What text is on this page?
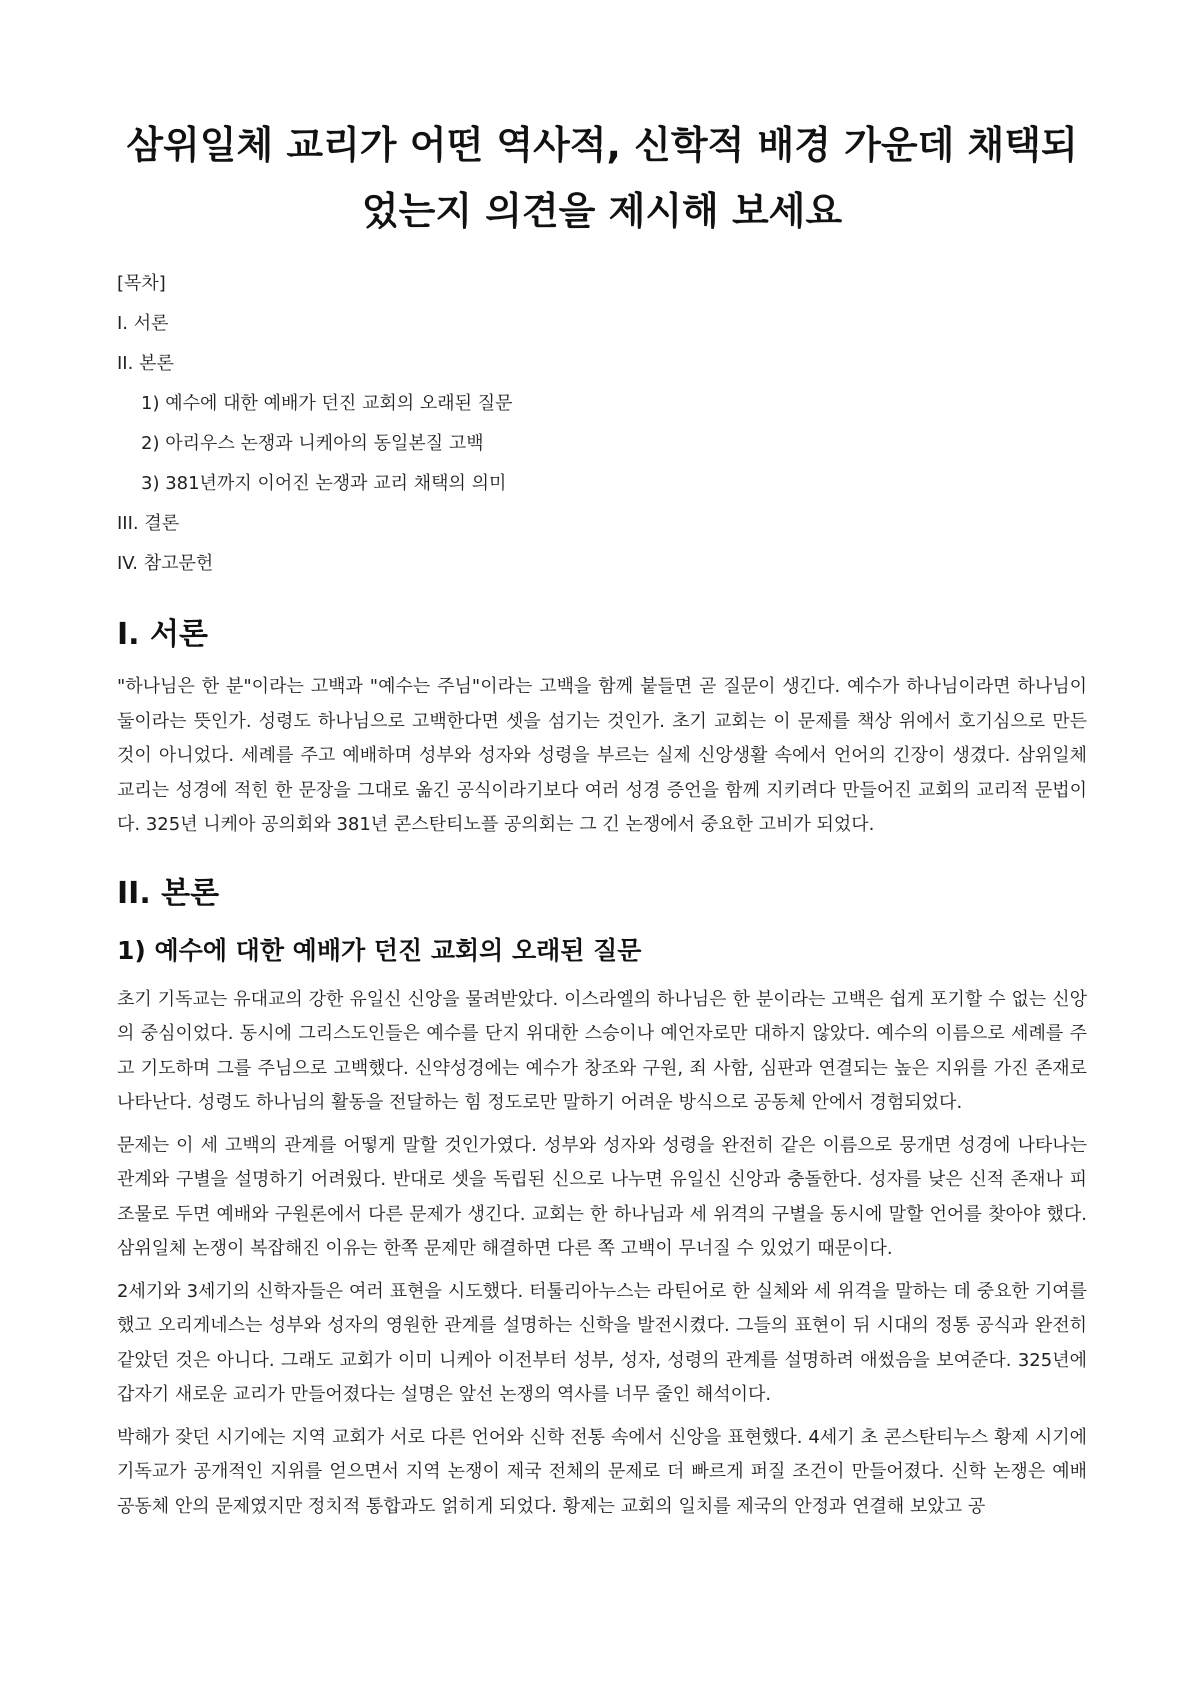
삼위일체 교리가 어떤 역사적, 신학적 배경 가운데 채택되었는지 의견을 제시해 보세요
[목차]
I. 서론
II. 본론
1) 예수에 대한 예배가 던진 교회의 오래된 질문
2) 아리우스 논쟁과 니케아의 동일본질 고백
3) 381년까지 이어진 논쟁과 교리 채택의 의미
III. 결론
IV. 참고문헌
I. 서론

"하나님은 한 분"이라는 고백과 "예수는 주님"이라는 고백을 함께 붙들면 곧 질문이 생긴다. 예수가 하나님이라면 하나님이 둘이라는 뜻인가. 성령도 하나님으로 고백한다면 셋을 섬기는 것인가. 초기 교회는 이 문제를 책상 위에서 호기심으로 만든 것이 아니었다. 세례를 주고 예배하며 성부와 성자와 성령을 부르는 실제 신앙생활 속에서 언어의 긴장이 생겼다. 삼위일체 교리는 성경에 적힌 한 문장을 그대로 옮긴 공식이라기보다 여러 성경 증언을 함께 지키려다 만들어진 교회의 교리적 문법이다. 325년 니케아 공의회와 381년 콘스탄티노플 공의회는 그 긴 논쟁에서 중요한 고비가 되었다.

II. 본론
1) 예수에 대한 예배가 던진 교회의 오래된 질문

초기 기독교는 유대교의 강한 유일신 신앙을 물려받았다. 이스라엘의 하나님은 한 분이라는 고백은 쉽게 포기할 수 없는 신앙의 중심이었다. 동시에 그리스도인들은 예수를 단지 위대한 스승이나 예언자로만 대하지 않았다. 예수의 이름으로 세례를 주고 기도하며 그를 주님으로 고백했다. 신약성경에는 예수가 창조와 구원, 죄 사함, 심판과 연결되는 높은 지위를 가진 존재로 나타난다. 성령도 하나님의 활동을 전달하는 힘 정도로만 말하기 어려운 방식으로 공동체 안에서 경험되었다.

문제는 이 세 고백의 관계를 어떻게 말할 것인가였다. 성부와 성자와 성령을 완전히 같은 이름으로 뭉개면 성경에 나타나는 관계와 구별을 설명하기 어려웠다. 반대로 셋을 독립된 신으로 나누면 유일신 신앙과 충돌한다. 성자를 낮은 신적 존재나 피조물로 두면 예배와 구원론에서 다른 문제가 생긴다. 교회는 한 하나님과 세 위격의 구별을 동시에 말할 언어를 찾아야 했다. 삼위일체 논쟁이 복잡해진 이유는 한쪽 문제만 해결하면 다른 쪽 고백이 무너질 수 있었기 때문이다.

2세기와 3세기의 신학자들은 여러 표현을 시도했다. 터툴리아누스는 라틴어로 한 실체와 세 위격을 말하는 데 중요한 기여를 했고 오리게네스는 성부와 성자의 영원한 관계를 설명하는 신학을 발전시켰다. 그들의 표현이 뒤 시대의 정통 공식과 완전히 같았던 것은 아니다. 그래도 교회가 이미 니케아 이전부터 성부, 성자, 성령의 관계를 설명하려 애썼음을 보여준다. 325년에 갑자기 새로운 교리가 만들어졌다는 설명은 앞선 논쟁의 역사를 너무 줄인 해석이다.

박해가 잦던 시기에는 지역 교회가 서로 다른 언어와 신학 전통 속에서 신앙을 표현했다. 4세기 초 콘스탄티누스 황제 시기에 기독교가 공개적인 지위를 얻으면서 지역 논쟁이 제국 전체의 문제로 더 빠르게 퍼질 조건이 만들어졌다. 신학 논쟁은 예배 공동체 안의 문제였지만 정치적 통합과도 얽히게 되었다. 황제는 교회의 일치를 제국의 안정과 연결해 보았고 공
